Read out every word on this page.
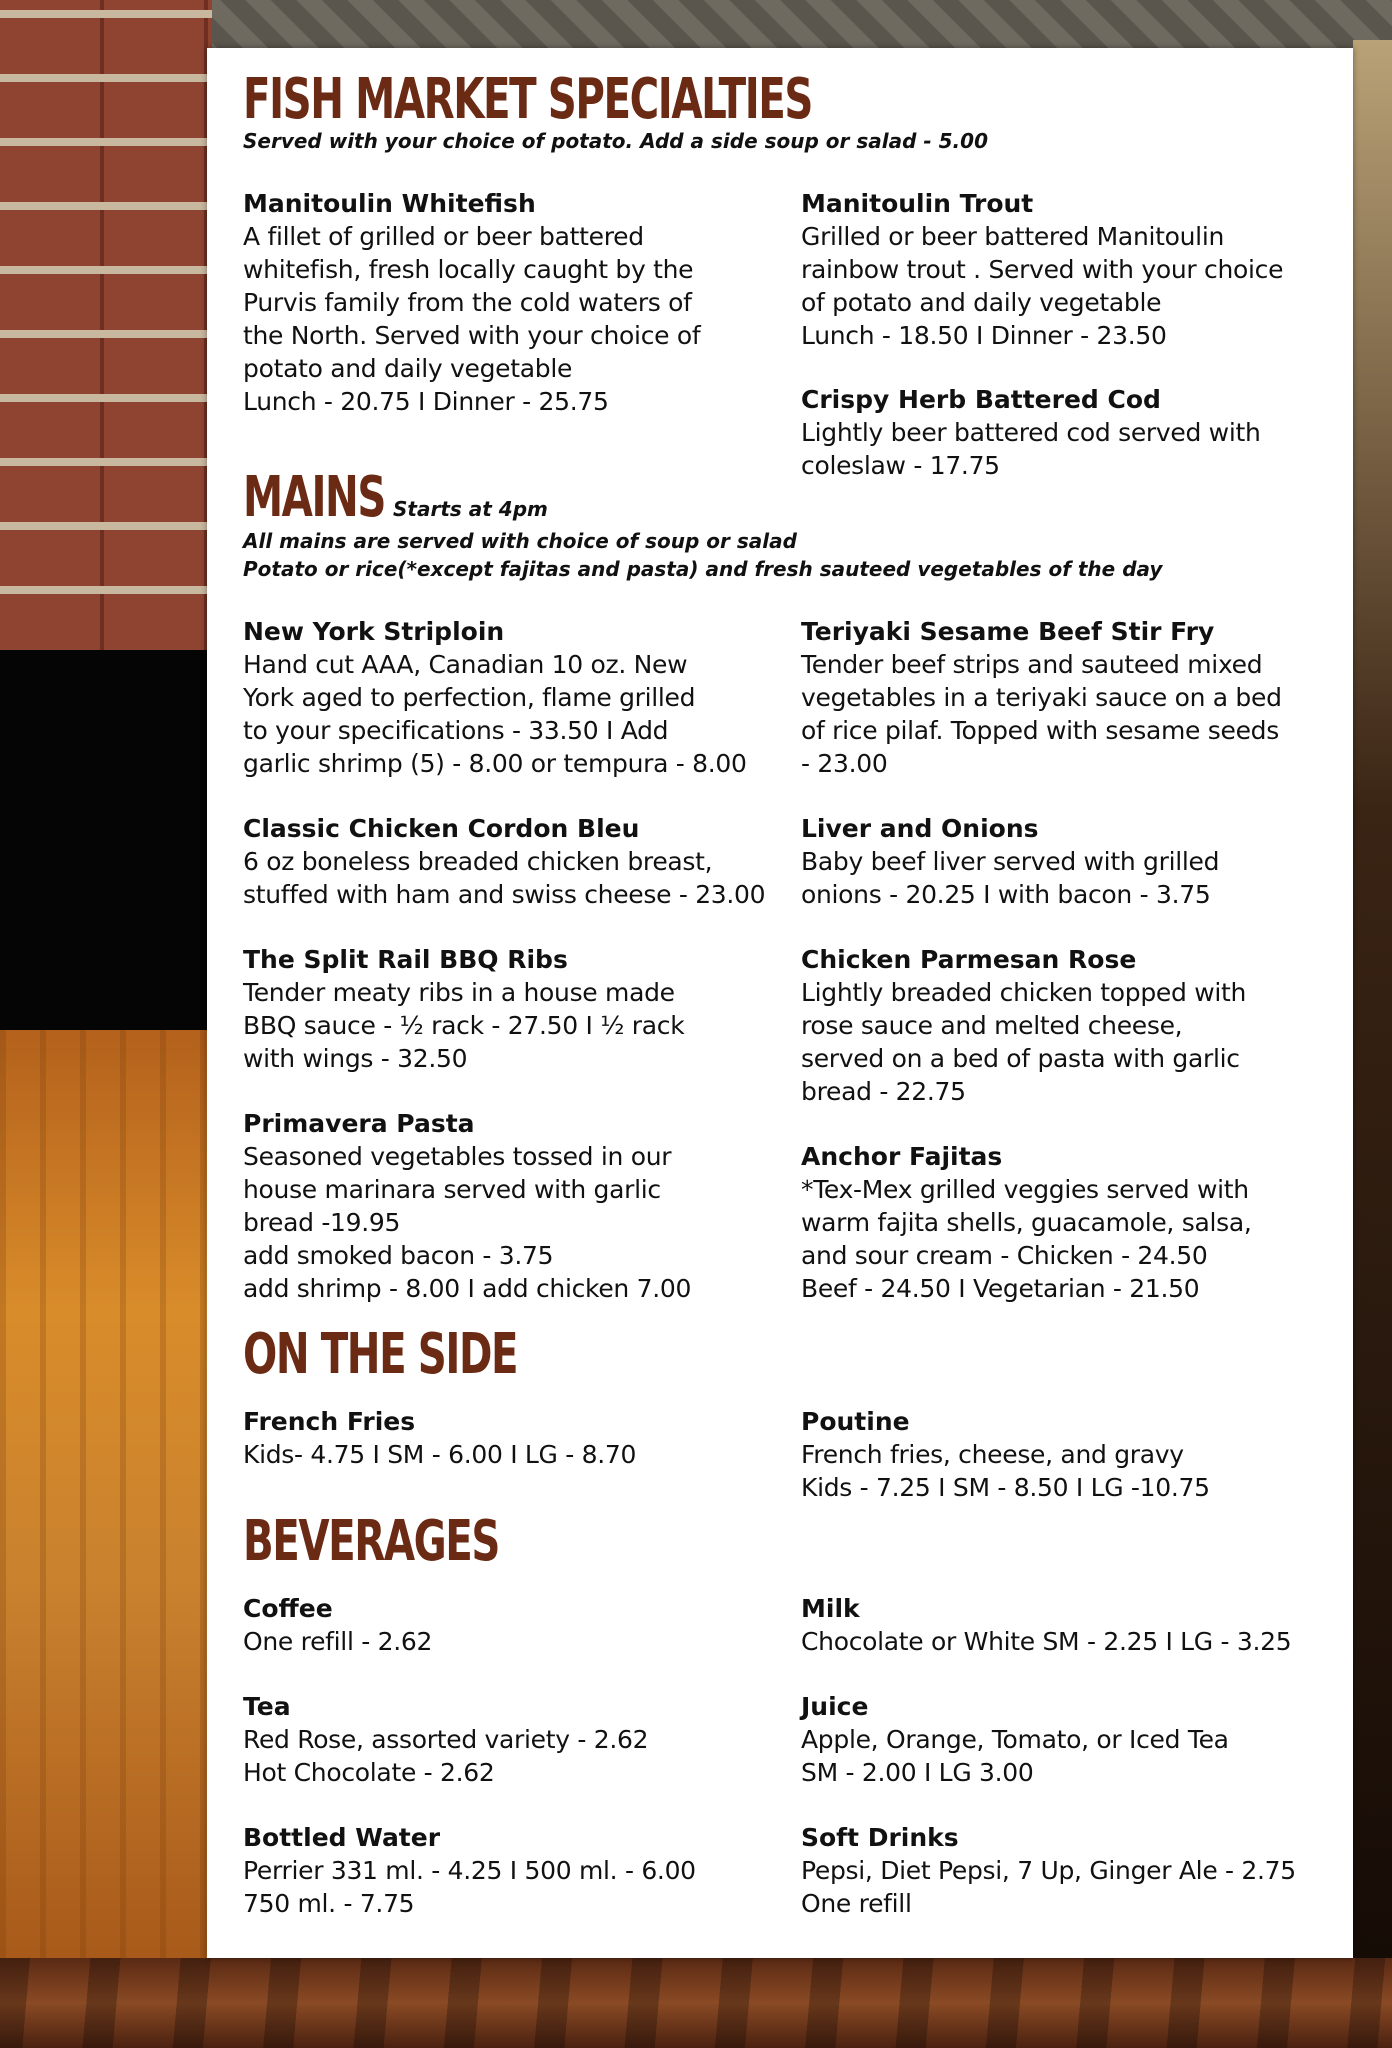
FISH MARKET SPECIALTIES
Served with your choice of potato. Add a side soup or salad - 5.00
Manitoulin Whitefish
A fillet of grilled or beer battered
whitefish, fresh locally caught by the
Purvis family from the cold waters of
the North. Served with your choice of
potato and daily vegetable
Lunch - 20.75 I Dinner - 25.75
Manitoulin Trout
Grilled or beer battered Manitoulin
rainbow trout . Served with your choice
of potato and daily vegetable
Lunch - 18.50 I Dinner - 23.50
Crispy Herb Battered Cod
Lightly beer battered cod served with
coleslaw - 17.75
MAINS Starts at 4pm
All mains are served with choice of soup or salad
Potato or rice(*except fajitas and pasta) and fresh sauteed vegetables of the day
New York Striploin
Hand cut AAA, Canadian 10 oz. New
York aged to perfection, flame grilled
to your specifications - 33.50 I Add
garlic shrimp (5) - 8.00 or tempura - 8.00
Teriyaki Sesame Beef Stir Fry
Tender beef strips and sauteed mixed
vegetables in a teriyaki sauce on a bed
of rice pilaf. Topped with sesame seeds
- 23.00
Classic Chicken Cordon Bleu
6 oz boneless breaded chicken breast,
stuffed with ham and swiss cheese - 23.00
Liver and Onions
Baby beef liver served with grilled
onions - 20.25 I with bacon - 3.75
The Split Rail BBQ Ribs
Tender meaty ribs in a house made
BBQ sauce - ½ rack - 27.50 I ½ rack
with wings - 32.50
Chicken Parmesan Rose
Lightly breaded chicken topped with
rose sauce and melted cheese,
served on a bed of pasta with garlic
bread - 22.75
Primavera Pasta
Seasoned vegetables tossed in our
house marinara served with garlic
bread -19.95
add smoked bacon - 3.75
add shrimp - 8.00 I add chicken 7.00
Anchor Fajitas
*Tex-Mex grilled veggies served with
warm fajita shells, guacamole, salsa,
and sour cream - Chicken - 24.50
Beef - 24.50 I Vegetarian - 21.50
ON THE SIDE
French Fries
Kids- 4.75 I SM - 6.00 I LG - 8.70
Poutine
French fries, cheese, and gravy
Kids - 7.25 I SM - 8.50 I LG -10.75
BEVERAGES
Coffee
One refill - 2.62
Milk
Chocolate or White SM - 2.25 I LG - 3.25
Tea
Red Rose, assorted variety - 2.62
Hot Chocolate - 2.62
Juice
Apple, Orange, Tomato, or Iced Tea
SM - 2.00 I LG 3.00
Bottled Water
Perrier 331 ml. - 4.25 I 500 ml. - 6.00
750 ml. - 7.75
Soft Drinks
Pepsi, Diet Pepsi, 7 Up, Ginger Ale - 2.75
One refill
